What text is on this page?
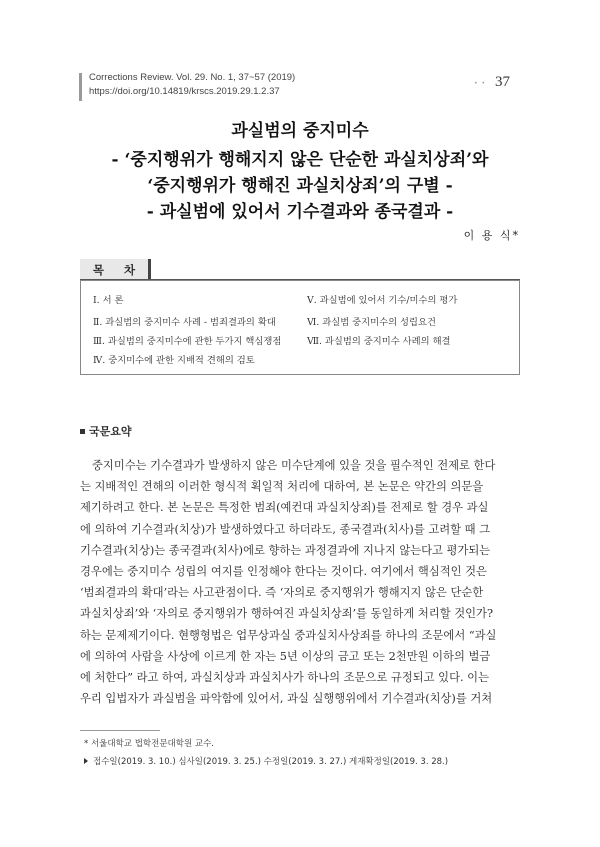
Corrections Review. Vol. 29. No. 1, 37~57 (2019)
https://doi.org/10.14819/krscs.2019.29.1.2.37
• • 37
과실범의 중지미수
- ‘중지행위가 행해지지 않은 단순한 과실치상죄’와
‘중지행위가 행해진 과실치상죄’의 구별 -
- 과실범에 있어서 기수결과와 종국결과 -
이 용 식*
목 차
Ⅰ. 서 론
Ⅱ. 과실범의 중지미수 사례 - 범죄결과의 확대
Ⅲ. 과실범의 중지미수에 관한 두가지 핵심쟁점
Ⅳ. 중지미수에 관한 지배적 견해의 검토
Ⅴ. 과실범에 있어서 기수/미수의 평가
Ⅵ. 과실범 중지미수의 성립요건
Ⅶ. 과실범의 중지미수 사례의 해결
국문요약
중지미수는 기수결과가 발생하지 않은 미수단계에 있을 것을 필수적인 전제로 한다
는 지배적인 견해의 이러한 형식적 획일적 처리에 대하여, 본 논문은 약간의 의문을
제기하려고 한다. 본 논문은 특정한 범죄(예컨대 과실치상죄)를 전제로 할 경우 과실
에 의하여 기수결과(치상)가 발생하였다고 하더라도, 종국결과(치사)를 고려할 때 그
기수결과(치상)는 종국결과(치사)에로 향하는 과정결과에 지나지 않는다고 평가되는
경우에는 중지미수 성립의 여지를 인정해야 한다는 것이다. 여기에서 핵심적인 것은
‘범죄결과의 확대’라는 사고관점이다. 즉 ‘자의로 중지행위가 행해지지 않은 단순한
과실치상죄’와 ‘자의로 중지행위가 행하여진 과실치상죄’를 동일하게 처리할 것인가?
하는 문제제기이다. 현행형법은 업무상과실 중과실치사상죄를 하나의 조문에서 “과실
에 의하여 사람을 사상에 이르게 한 자는 5년 이상의 금고 또는 2천만원 이하의 벌금
에 처한다” 라고 하여, 과실치상과 과실치사가 하나의 조문으로 규정되고 있다. 이는
우리 입법자가 과실범을 파악함에 있어서, 과실 실행행위에서 기수결과(치상)를 거쳐
* 서울대학교 법학전문대학원 교수.
접수일(2019. 3. 10.) 심사일(2019. 3. 25.) 수정일(2019. 3. 27.) 게재확정일(2019. 3. 28.)
